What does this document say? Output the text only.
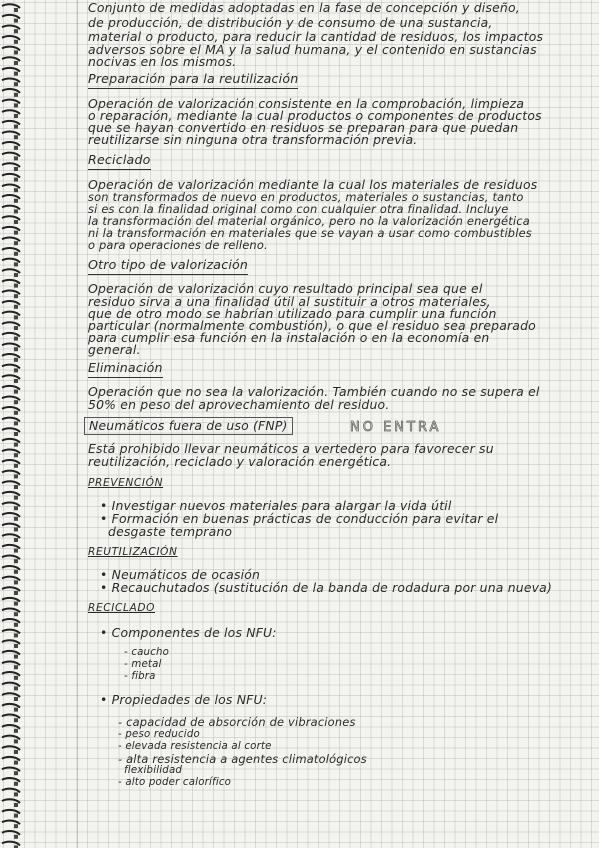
Conjunto de medidas adoptadas en la fase de concepción y diseño,
de producción, de distribución y de consumo de una sustancia,
material o producto, para reducir la cantidad de residuos, los impactos
adversos sobre el MA y la salud humana, y el contenido en sustancias
nocivas en los mismos.
Preparación para la reutilización
Operación de valorización consistente en la comprobación, limpieza
o reparación, mediante la cual productos o componentes de productos
que se hayan convertido en residuos se preparan para que puedan
reutilizarse sin ninguna otra transformación previa.
Reciclado
Operación de valorización mediante la cual los materiales de residuos
son transformados de nuevo en productos, materiales o sustancias, tanto
si es con la finalidad original como con cualquier otra finalidad. Incluye
la transformación del material orgánico, pero no la valorización energética
ni la transformación en materiales que se vayan a usar como combustibles
o para operaciones de relleno.
Otro tipo de valorización
Operación de valorización cuyo resultado principal sea que el
residuo sirva a una finalidad útil al sustituir a otros materiales,
que de otro modo se habrían utilizado para cumplir una función
particular (normalmente combustión), o que el residuo sea preparado
para cumplir esa función en la instalación o en la economía en
general.
Eliminación
Operación que no sea la valorización. También cuando no se supera el
50% en peso del aprovechamiento del residuo.
Neumáticos fuera de uso (FNP)	NO ENTRA
Está prohibido llevar neumáticos a vertedero para favorecer su
reutilización, reciclado y valoración energética.
PREVENCIÓN
• Investigar nuevos materiales para alargar la vida útil
• Formación en buenas prácticas de conducción para evitar el
desgaste temprano
REUTILIZACIÓN
• Neumáticos de ocasión
• Recauchutados (sustitución de la banda de rodadura por una nueva)
RECICLADO
• Componentes de los NFU:
- caucho
- metal
- fibra
• Propiedades de los NFU:
- capacidad de absorción de vibraciones
- peso reducido
- elevada resistencia al corte
- alta resistencia a agentes climatológicos
flexibilidad
- alto poder calorífico
